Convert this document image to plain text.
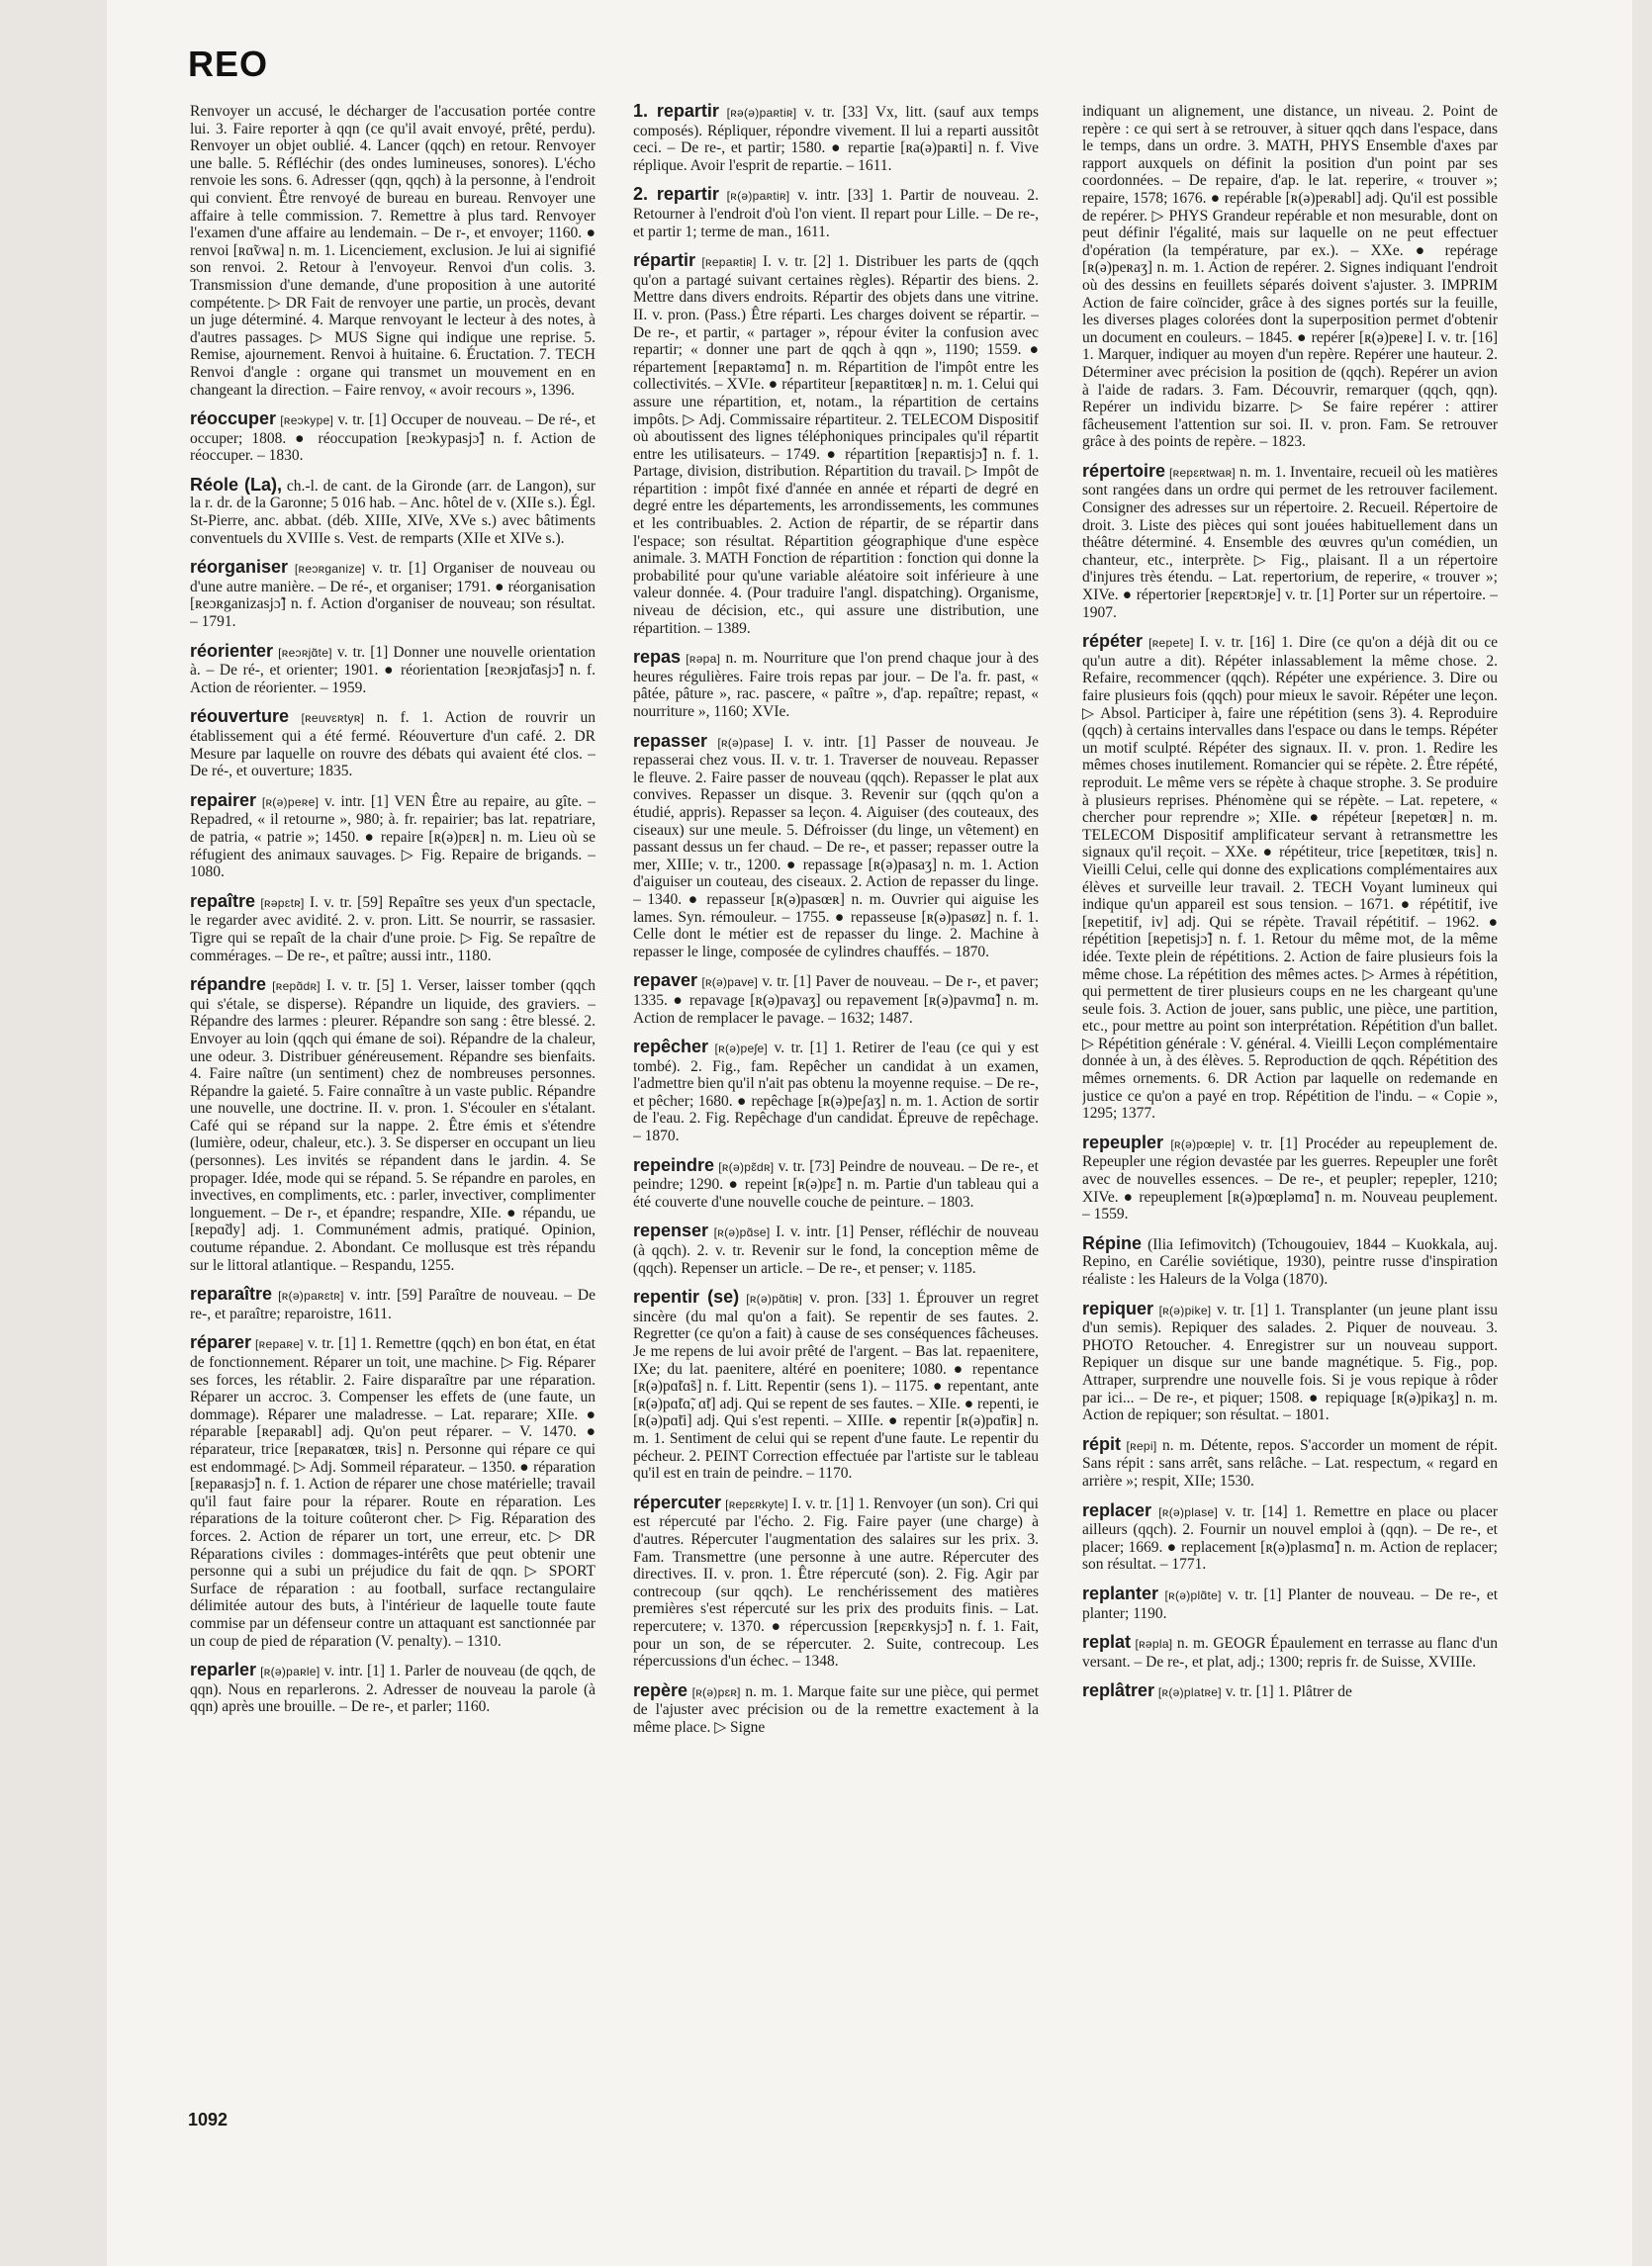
REO
Renvoyer un accusé, le décharger de l'accusation portée contre lui. 3. Faire reporter à qqn (ce qu'il avait envoyé, prêté, perdu). Renvoyer un objet oublié. 4. Lancer (qqch) en retour. Renvoyer une balle. 5. Réfléchir (des ondes lumineuses, sonores). L'écho renvoie les sons. 6. Adresser (qqn, qqch) à la personne, à l'endroit qui convient. Être renvoyé de bureau en bureau. Renvoyer une affaire à telle commission. 7. Remettre à plus tard. Renvoyer l'examen d'une affaire au lendemain. – De r-, et envoyer; 1160. ● renvoi [ʀɑ̃vwa] n. m. 1. Licenciement, exclusion. Je lui ai signifié son renvoi. 2. Retour à l'envoyeur. Renvoi d'un colis. 3. Transmission d'une demande, d'une proposition à une autorité compétente. ▷ DR Fait de renvoyer une partie, un procès, devant un juge déterminé. 4. Marque renvoyant le lecteur à des notes, à d'autres passages. ▷ MUS Signe qui indique une reprise. 5. Remise, ajournement. Renvoi à huitaine. 6. Éructation. 7. TECH Renvoi d'angle : organe qui transmet un mouvement en en changeant la direction. – Faire renvoy, « avoir recours », 1396.
réoccuper [ʀeɔkype] v. tr. [1] Occuper de nouveau. – De ré-, et occuper; 1808. ● réoccupation [ʀeɔkypasjɔ̃] n. f. Action de réoccuper. – 1830.
Réole (La), ch.-l. de cant. de la Gironde (arr. de Langon), sur la r. dr. de la Garonne; 5 016 hab. – Anc. hôtel de v. (XIIe s.). Égl. St-Pierre, anc. abbat. (déb. XIIIe, XIVe, XVe s.) avec bâtiments conventuels du XVIIIe s. Vest. de remparts (XIIe et XIVe s.).
réorganiser [ʀeɔʀganize] v. tr. [1] Organiser de nouveau ou d'une autre manière. – De ré-, et organiser; 1791. ● réorganisation [ʀeɔʀganizasjɔ̃] n. f. Action d'organiser de nouveau; son résultat. – 1791.
réorienter [ʀeɔʀjɑ̃te] v. tr. [1] Donner une nouvelle orientation à. – De ré-, et orienter; 1901. ● réorientation [ʀeɔʀjɑ̃tasjɔ̃] n. f. Action de réorienter. – 1959.
réouverture [ʀeuvɛʀtyʀ] n. f. 1. Action de rouvrir un établissement qui a été fermé. Réouverture d'un café. 2. DR Mesure par laquelle on rouvre des débats qui avaient été clos. – De ré-, et ouverture; 1835.
repairer [ʀ(ə)peʀe] v. intr. [1] VEN Être au repaire, au gîte. – Repadred, « il retourne », 980; à. fr. repairier; bas lat. repatriare, de patria, « patrie »; 1450. ● repaire [ʀ(ə)pɛʀ] n. m. Lieu où se réfugient des animaux sauvages. ▷ Fig. Repaire de brigands. – 1080.
repaître [ʀəpɛtʀ] I. v. tr. [59] Repaître ses yeux d'un spectacle, le regarder avec avidité. 2. v. pron. Litt. Se nourrir, se rassasier. Tigre qui se repaît de la chair d'une proie. ▷ Fig. Se repaître de commérages. – De re-, et paître; aussi intr., 1180.
répandre [ʀepɑ̃dʀ] I. v. tr. [5] 1. Verser, laisser tomber (qqch qui s'étale, se disperse). Répandre un liquide, des graviers. – Répandre des larmes : pleurer. Répandre son sang : être blessé. 2. Envoyer au loin (qqch qui émane de soi). Répandre de la chaleur, une odeur. 3. Distribuer généreusement. Répandre ses bienfaits. 4. Faire naître (un sentiment) chez de nombreuses personnes. Répandre la gaieté. 5. Faire connaître à un vaste public. Répandre une nouvelle, une doctrine. II. v. pron. 1. S'écouler en s'étalant. Café qui se répand sur la nappe. 2. Être émis et s'étendre (lumière, odeur, chaleur, etc.). 3. Se disperser en occupant un lieu (personnes). Les invités se répandent dans le jardin. 4. Se propager. Idée, mode qui se répand. 5. Se répandre en paroles, en invectives, en compliments, etc. : parler, invectiver, complimenter longuement. – De r-, et épandre; respandre, XIIe. ● répandu, ue [ʀepɑ̃dy] adj. 1. Communément admis, pratiqué. Opinion, coutume répandue. 2. Abondant. Ce mollusque est très répandu sur le littoral atlantique. – Respandu, 1255.
reparaître [ʀ(ə)paʀɛtʀ] v. intr. [59] Paraître de nouveau. – De re-, et paraître; reparoistre, 1611.
réparer [ʀepaʀe] v. tr. [1] 1. Remettre (qqch) en bon état, en état de fonctionnement. Réparer un toit, une machine. ▷ Fig. Réparer ses forces, les rétablir. 2. Faire disparaître par une réparation. Réparer un accroc. 3. Compenser les effets de (une faute, un dommage). Réparer une maladresse. – Lat. reparare; XIIe. ● réparable [ʀepaʀabl] adj. Qu'on peut réparer. – V. 1470. ● réparateur, trice [ʀepaʀatœʀ, tʀis] n. Personne qui répare ce qui est endommagé. ▷ Adj. Sommeil réparateur. – 1350. ● réparation [ʀepaʀasjɔ̃] n. f. 1. Action de réparer une chose matérielle; travail qu'il faut faire pour la réparer. Route en réparation. Les réparations de la toiture coûteront cher. ▷ Fig. Réparation des forces. 2. Action de réparer un tort, une erreur, etc. ▷ DR Réparations civiles : dommages-intérêts que peut obtenir une personne qui a subi un préjudice du fait de qqn. ▷ SPORT Surface de réparation : au football, surface rectangulaire délimitée autour des buts, à l'intérieur de laquelle toute faute commise par un défenseur contre un attaquant est sanctionnée par un coup de pied de réparation (V. penalty). – 1310.
reparler [ʀ(ə)paʀle] v. intr. [1] 1. Parler de nouveau (de qqch, de qqn). Nous en reparlerons. 2. Adresser de nouveau la parole (à qqn) après une brouille. – De re-, et parler; 1160.
1. repartir [ʀə(ə)paʀtiʀ] v. tr. [33] Vx, litt. (sauf aux temps composés). Répliquer, répondre vivement. Il lui a reparti aussitôt ceci. – De re-, et partir; 1580. ● repartie [ʀa(ə)paʀti] n. f. Vive réplique. Avoir l'esprit de repartie. – 1611.
2. repartir [ʀ(ə)paʀtiʀ] v. intr. [33] 1. Partir de nouveau. 2. Retourner à l'endroit d'où l'on vient. Il repart pour Lille. – De re-, et partir 1; terme de man., 1611.
répartir [ʀepaʀtiʀ] I. v. tr. [2] 1. Distribuer les parts de (qqch qu'on a partagé suivant certaines règles). Répartir des biens. 2. Mettre dans divers endroits. Répartir des objets dans une vitrine. II. v. pron. (Pass.) Être réparti. Les charges doivent se répartir. – De re-, et partir, « partager », répour éviter la confusion avec repartir; « donner une part de qqch à qqn », 1190; 1559. ● répartement [ʀepaʀtəmɑ̃] n. m. Répartition de l'impôt entre les collectivités. – XVIe. ● répartiteur [ʀepaʀtitœʀ] n. m. 1. Celui qui assure une répartition, et, notam., la répartition de certains impôts. ▷ Adj. Commissaire répartiteur. 2. TELECOM Dispositif où aboutissent des lignes téléphoniques principales qu'il répartit entre les utilisateurs. – 1749. ● répartition [ʀepaʀtisjɔ̃] n. f. 1. Partage, division, distribution. Répartition du travail. ▷ Impôt de répartition : impôt fixé d'année en année et réparti de degré en degré entre les départements, les arrondissements, les communes et les contribuables. 2. Action de répartir, de se répartir dans l'espace; son résultat. Répartition géographique d'une espèce animale. 3. MATH Fonction de répartition : fonction qui donne la probabilité pour qu'une variable aléatoire soit inférieure à une valeur donnée. 4. (Pour traduire l'angl. dispatching). Organisme, niveau de décision, etc., qui assure une distribution, une répartition. – 1389.
repas [ʀəpa] n. m. Nourriture que l'on prend chaque jour à des heures régulières. Faire trois repas par jour. – De l'a. fr. past, « pâtée, pâture », rac. pascere, « paître », d'ap. repaître; repast, « nourriture », 1160; XVIe.
repasser [ʀ(ə)pase] I. v. intr. [1] Passer de nouveau. Je repasserai chez vous. II. v. tr. 1. Traverser de nouveau. Repasser le fleuve. 2. Faire passer de nouveau (qqch). Repasser le plat aux convives. Repasser un disque. 3. Revenir sur (qqch qu'on a étudié, appris). Repasser sa leçon. 4. Aiguiser (des couteaux, des ciseaux) sur une meule. 5. Défroisser (du linge, un vêtement) en passant dessus un fer chaud. – De re-, et passer; repasser outre la mer, XIIIe; v. tr., 1200. ● repassage [ʀ(ə)pasaʒ] n. m. 1. Action d'aiguiser un couteau, des ciseaux. 2. Action de repasser du linge. – 1340. ● repasseur [ʀ(ə)pasœʀ] n. m. Ouvrier qui aiguise les lames. Syn. rémouleur. – 1755. ● repasseuse [ʀ(ə)pasøz] n. f. 1. Celle dont le métier est de repasser du linge. 2. Machine à repasser le linge, composée de cylindres chauffés. – 1870.
repaver [ʀ(ə)pave] v. tr. [1] Paver de nouveau. – De r-, et paver; 1335. ● repavage [ʀ(ə)pavaʒ] ou repavement [ʀ(ə)pavmɑ̃] n. m. Action de remplacer le pavage. – 1632; 1487.
repêcher [ʀ(ə)peʃe] v. tr. [1] 1. Retirer de l'eau (ce qui y est tombé). 2. Fig., fam. Repêcher un candidat à un examen, l'admettre bien qu'il n'ait pas obtenu la moyenne requise. – De re-, et pêcher; 1680. ● repêchage [ʀ(ə)peʃaʒ] n. m. 1. Action de sortir de l'eau. 2. Fig. Repêchage d'un candidat. Épreuve de repêchage. – 1870.
repeindre [ʀ(ə)pɛ̃dʀ] v. tr. [73] Peindre de nouveau. – De re-, et peindre; 1290. ● repeint [ʀ(ə)pɛ̃] n. m. Partie d'un tableau qui a été couverte d'une nouvelle couche de peinture. – 1803.
repenser [ʀ(ə)pɑ̃se] I. v. intr. [1] Penser, réfléchir de nouveau (à qqch). 2. v. tr. Revenir sur le fond, la conception même de (qqch). Repenser un article. – De re-, et penser; v. 1185.
repentir (se) [ʀ(ə)pɑ̃tiʀ] v. pron. [33] 1. Éprouver un regret sincère (du mal qu'on a fait). Se repentir de ses fautes. 2. Regretter (ce qu'on a fait) à cause de ses conséquences fâcheuses. Je me repens de lui avoir prêté de l'argent. – Bas lat. repaenitere, IXe; du lat. paenitere, altéré en poenitere; 1080. ● repentance [ʀ(ə)pɑ̃tɑ̃s] n. f. Litt. Repentir (sens 1). – 1175. ● repentant, ante [ʀ(ə)pɑ̃tɑ̃, ɑ̃t] adj. Qui se repent de ses fautes. – XIIe. ● repenti, ie [ʀ(ə)pɑ̃ti] adj. Qui s'est repenti. – XIIIe. ● repentir [ʀ(ə)pɑ̃tiʀ] n. m. 1. Sentiment de celui qui se repent d'une faute. Le repentir du pécheur. 2. PEINT Correction effectuée par l'artiste sur le tableau qu'il est en train de peindre. – 1170.
répercuter [ʀepɛʀkyte] I. v. tr. [1] 1. Renvoyer (un son). Cri qui est répercuté par l'écho. 2. Fig. Faire payer (une charge) à d'autres. Répercuter l'augmentation des salaires sur les prix. 3. Fam. Transmettre (une personne à une autre. Répercuter des directives. II. v. pron. 1. Être répercuté (son). 2. Fig. Agir par contrecoup (sur qqch). Le renchérissement des matières premières s'est répercuté sur les prix des produits finis. – Lat. repercutere; v. 1370. ● répercussion [ʀepɛʀkysjɔ̃] n. f. 1. Fait, pour un son, de se répercuter. 2. Suite, contrecoup. Les répercussions d'un échec. – 1348.
repère [ʀ(ə)pɛʀ] n. m. 1. Marque faite sur une pièce, qui permet de l'ajuster avec précision ou de la remettre exactement à la même place. ▷ Signe
indiquant un alignement, une distance, un niveau. 2. Point de repère : ce qui sert à se retrouver, à situer qqch dans l'espace, dans le temps, dans un ordre. 3. MATH, PHYS Ensemble d'axes par rapport auxquels on définit la position d'un point par ses coordonnées. – De repaire, d'ap. le lat. reperire, « trouver »; repaire, 1578; 1676. ● repérable [ʀ(ə)peʀabl] adj. Qu'il est possible de repérer. ▷ PHYS Grandeur repérable et non mesurable, dont on peut définir l'égalité, mais sur laquelle on ne peut effectuer d'opération (la température, par ex.). – XXe. ● repérage [ʀ(ə)peʀaʒ] n. m. 1. Action de repérer. 2. Signes indiquant l'endroit où des dessins en feuillets séparés doivent s'ajuster. 3. IMPRIM Action de faire coïncider, grâce à des signes portés sur la feuille, les diverses plages colorées dont la superposition permet d'obtenir un document en couleurs. – 1845. ● repérer [ʀ(ə)peʀe] I. v. tr. [16] 1. Marquer, indiquer au moyen d'un repère. Repérer une hauteur. 2. Déterminer avec précision la position de (qqch). Repérer un avion à l'aide de radars. 3. Fam. Découvrir, remarquer (qqch, qqn). Repérer un individu bizarre. ▷ Se faire repérer : attirer fâcheusement l'attention sur soi. II. v. pron. Fam. Se retrouver grâce à des points de repère. – 1823.
répertoire [ʀepɛʀtwaʀ] n. m. 1. Inventaire, recueil où les matières sont rangées dans un ordre qui permet de les retrouver facilement. Consigner des adresses sur un répertoire. 2. Recueil. Répertoire de droit. 3. Liste des pièces qui sont jouées habituellement dans un théâtre déterminé. 4. Ensemble des œuvres qu'un comédien, un chanteur, etc., interprète. ▷ Fig., plaisant. Il a un répertoire d'injures très étendu. – Lat. repertorium, de reperire, « trouver »; XIVe. ● répertorier [ʀepɛʀtɔʀje] v. tr. [1] Porter sur un répertoire. – 1907.
répéter [ʀepete] I. v. tr. [16] 1. Dire (ce qu'on a déjà dit ou ce qu'un autre a dit). Répéter inlassablement la même chose. 2. Refaire, recommencer (qqch). Répéter une expérience. 3. Dire ou faire plusieurs fois (qqch) pour mieux le savoir. Répéter une leçon. ▷ Absol. Participer à, faire une répétition (sens 3). 4. Reproduire (qqch) à certains intervalles dans l'espace ou dans le temps. Répéter un motif sculpté. Répéter des signaux. II. v. pron. 1. Redire les mêmes choses inutilement. Romancier qui se répète. 2. Être répété, reproduit. Le même vers se répète à chaque strophe. 3. Se produire à plusieurs reprises. Phénomène qui se répète. – Lat. repetere, « chercher pour reprendre »; XIIe. ● répéteur [ʀepetœʀ] n. m. TELECOM Dispositif amplificateur servant à retransmettre les signaux qu'il reçoit. – XXe. ● répétiteur, trice [ʀepetitœʀ, tʀis] n. Vieilli Celui, celle qui donne des explications complémentaires aux élèves et surveille leur travail. 2. TECH Voyant lumineux qui indique qu'un appareil est sous tension. – 1671. ● répétitif, ive [ʀepetitif, iv] adj. Qui se répète. Travail répétitif. – 1962. ● répétition [ʀepetisjɔ̃] n. f. 1. Retour du même mot, de la même idée. Texte plein de répétitions. 2. Action de faire plusieurs fois la même chose. La répétition des mêmes actes. ▷ Armes à répétition, qui permettent de tirer plusieurs coups en ne les chargeant qu'une seule fois. 3. Action de jouer, sans public, une pièce, une partition, etc., pour mettre au point son interprétation. Répétition d'un ballet. ▷ Répétition générale : V. général. 4. Vieilli Leçon complémentaire donnée à un, à des élèves. 5. Reproduction de qqch. Répétition des mêmes ornements. 6. DR Action par laquelle on redemande en justice ce qu'on a payé en trop. Répétition de l'indu. – « Copie », 1295; 1377.
repeupler [ʀ(ə)pœple] v. tr. [1] Procéder au repeuplement de. Repeupler une région devastée par les guerres. Repeupler une forêt avec de nouvelles essences. – De re-, et peupler; repepler, 1210; XIVe. ● repeuplement [ʀ(ə)pœpləmɑ̃] n. m. Nouveau peuplement. – 1559.
Répine (Ilia Iefimovitch) (Tchougouiev, 1844 – Kuokkala, auj. Repino, en Carélie soviétique, 1930), peintre russe d'inspiration réaliste : les Haleurs de la Volga (1870).
repiquer [ʀ(ə)pike] v. tr. [1] 1. Transplanter (un jeune plant issu d'un semis). Repiquer des salades. 2. Piquer de nouveau. 3. PHOTO Retoucher. 4. Enregistrer sur un nouveau support. Repiquer un disque sur une bande magnétique. 5. Fig., pop. Attraper, surprendre une nouvelle fois. Si je vous repique à rôder par ici... – De re-, et piquer; 1508. ● repiquage [ʀ(ə)pikaʒ] n. m. Action de repiquer; son résultat. – 1801.
répit [ʀepi] n. m. Détente, repos. S'accorder un moment de répit. Sans répit : sans arrêt, sans relâche. – Lat. respectum, « regard en arrière »; respit, XIIe; 1530.
replacer [ʀ(ə)plase] v. tr. [14] 1. Remettre en place ou placer ailleurs (qqch). 2. Fournir un nouvel emploi à (qqn). – De re-, et placer; 1669. ● replacement [ʀ(ə)plasmɑ̃] n. m. Action de replacer; son résultat. – 1771.
replanter [ʀ(ə)plɑ̃te] v. tr. [1] Planter de nouveau. – De re-, et planter; 1190.
replat [ʀəpla] n. m. GEOGR Épaulement en terrasse au flanc d'un versant. – De re-, et plat, adj.; 1300; repris fr. de Suisse, XVIIIe.
replâtrer [ʀ(ə)platʀe] v. tr. [1] 1. Plâtrer de
1092
